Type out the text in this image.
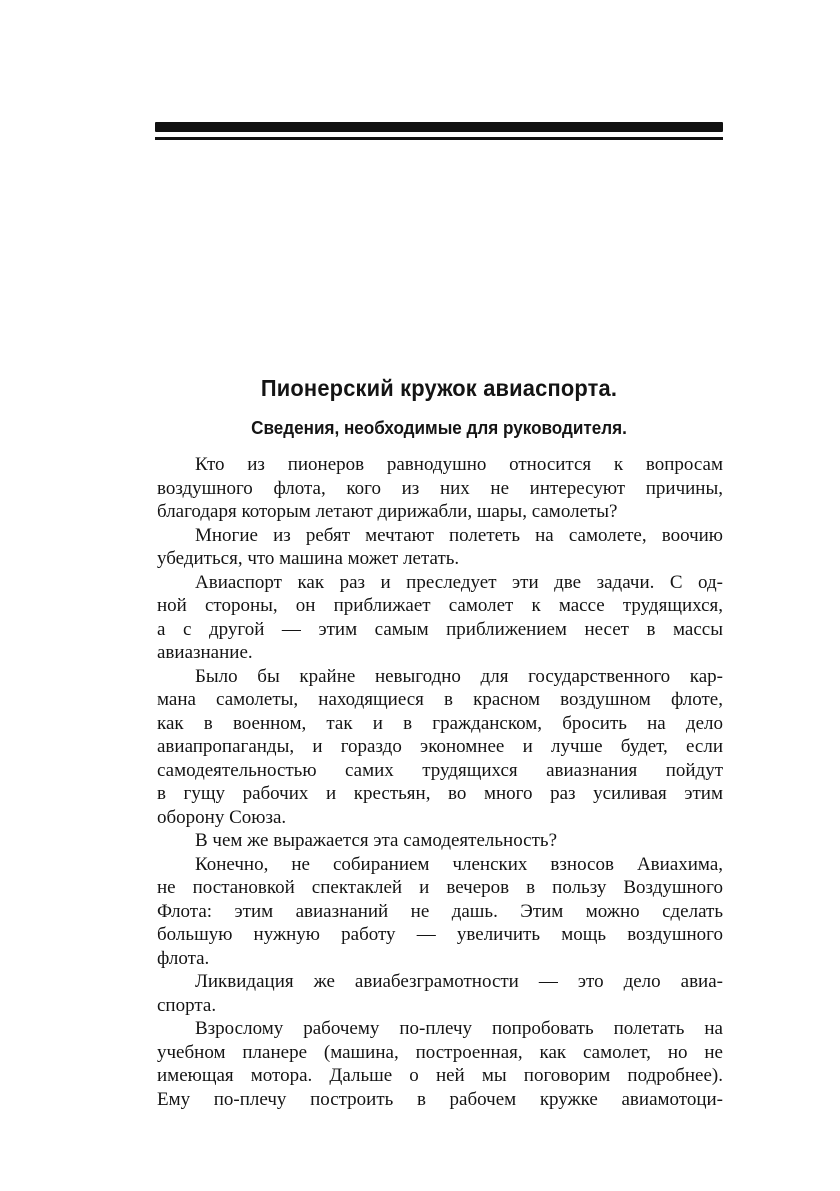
Пионерский кружок авиаспорта.
Сведения, необходимые для руководителя.
Кто из пионеров равнодушно относится к вопросам
воздушного флота, кого из них не интересуют причины,
благодаря которым летают дирижабли, шары, самолеты?
Многие из ребят мечтают полететь на самолете, воочию
убедиться, что машина может летать.
Авиаспорт как раз и преследует эти две задачи. С од-
ной стороны, он приближает самолет к массе трудящихся,
а с другой — этим самым приближением несет в массы
авиазнание.
Было бы крайне невыгодно для государственного кар-
мана самолеты, находящиеся в красном воздушном флоте,
как в военном, так и в гражданском, бросить на дело
авиапропаганды, и гораздо экономнее и лучше будет, если
самодеятельностью самих трудящихся авиазнания пойдут
в гущу рабочих и крестьян, во много раз усиливая этим
оборону Союза.
В чем же выражается эта самодеятельность?
Конечно, не собиранием членских взносов Авиахима,
не постановкой спектаклей и вечеров в пользу Воздушного
Флота: этим авиазнаний не дашь. Этим можно сделать
большую нужную работу — увеличить мощь воздушного
флота.
Ликвидация же авиабезграмотности — это дело авиа-
спорта.
Взрослому рабочему по-плечу попробовать полетать на
учебном планере (машина, построенная, как самолет, но не
имеющая мотора. Дальше о ней мы поговорим подробнее).
Ему по-плечу построить в рабочем кружке авиамотоци-
